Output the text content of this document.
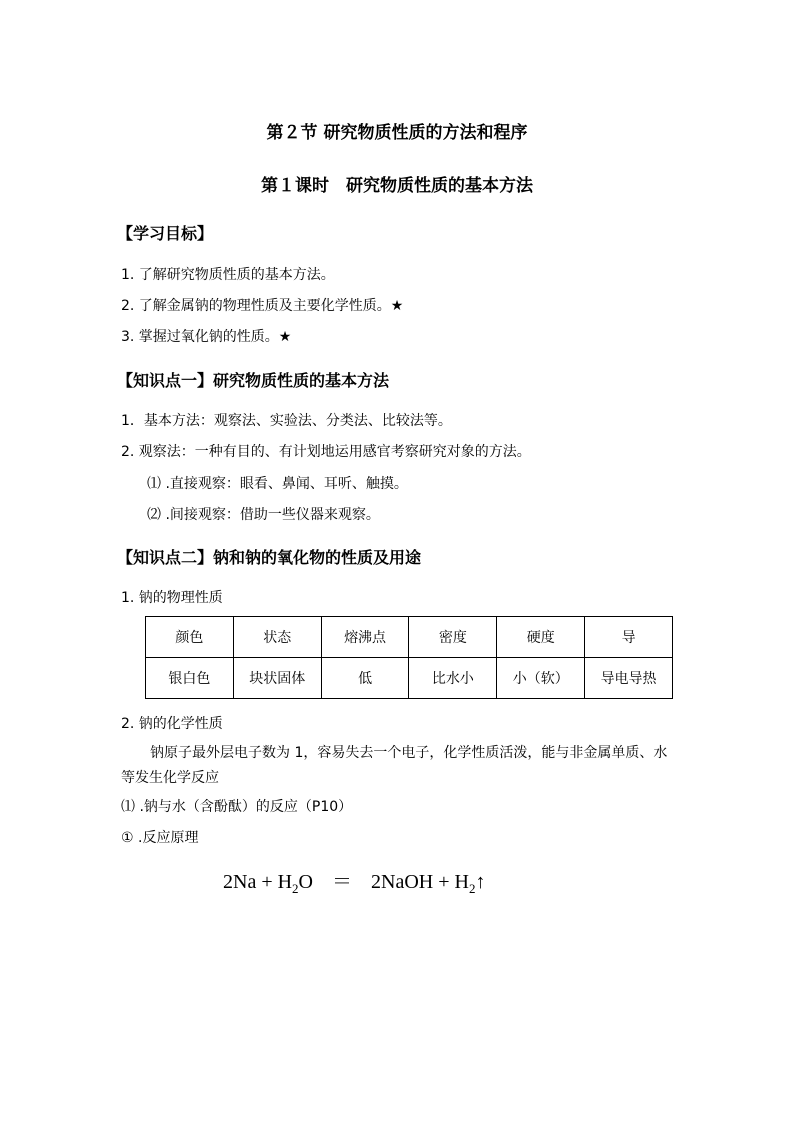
第２节 研究物质性质的方法和程序
第１课时　研究物质性质的基本方法
【学习目标】
1. 了解研究物质性质的基本方法。
2. 了解金属钠的物理性质及主要化学性质。★
3. 掌握过氧化钠的性质。★
【知识点一】研究物质性质的基本方法
1．基本方法：观察法、实验法、分类法、比较法等。
2. 观察法：一种有目的、有计划地运用感官考察研究对象的方法。
⑴ .直接观察：眼看、鼻闻、耳听、触摸。
⑵ .间接观察：借助一些仪器来观察。
【知识点二】钠和钠的氧化物的性质及用途
1. 钠的物理性质
颜色	状态	熔沸点	密度	硬度	导
银白色	块状固体	低	比水小	小（软）	导电导热
2. 钠的化学性质
钠原子最外层电子数为 1，容易失去一个电子，化学性质活泼，能与非金属单质、水等发生化学反应
⑴ .钠与水（含酚酞）的反应（P10）
① .反应原理
$2Na + H_2O$ ＝ 2NaOH + $H_2↑$
